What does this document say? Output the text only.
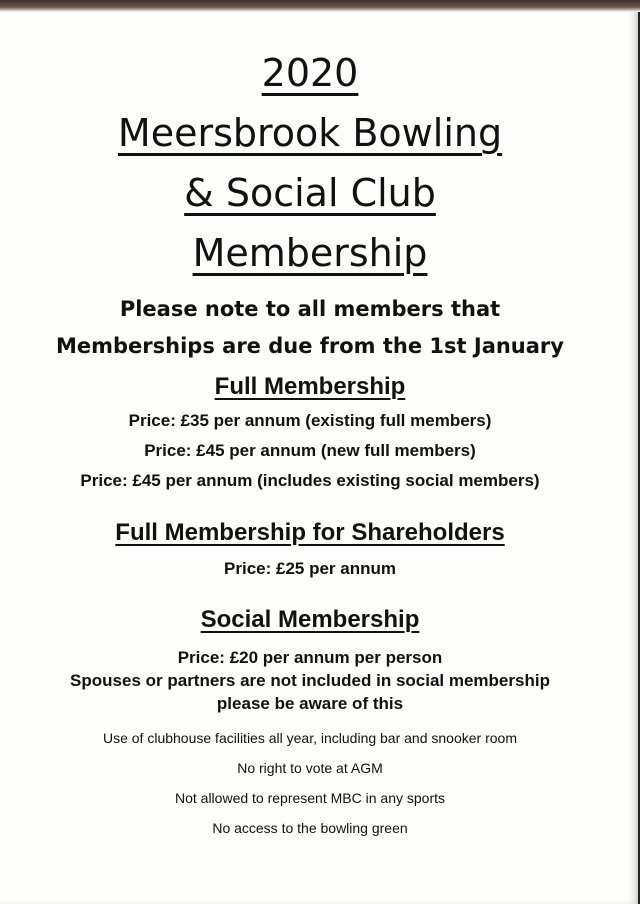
2020
Meersbrook Bowling
& Social Club
Membership
Please note to all members that
Memberships are due from the 1st January
Full Membership
Price: £35 per annum (existing full members)
Price: £45 per annum (new full members)
Price: £45 per annum (includes existing social members)
Full Membership for Shareholders
Price: £25 per annum
Social Membership
Price: £20 per annum per person
Spouses or partners are not included in social membership
please be aware of this
Use of clubhouse facilities all year, including bar and snooker room
No right to vote at AGM
Not allowed to represent MBC in any sports
No access to the bowling green
